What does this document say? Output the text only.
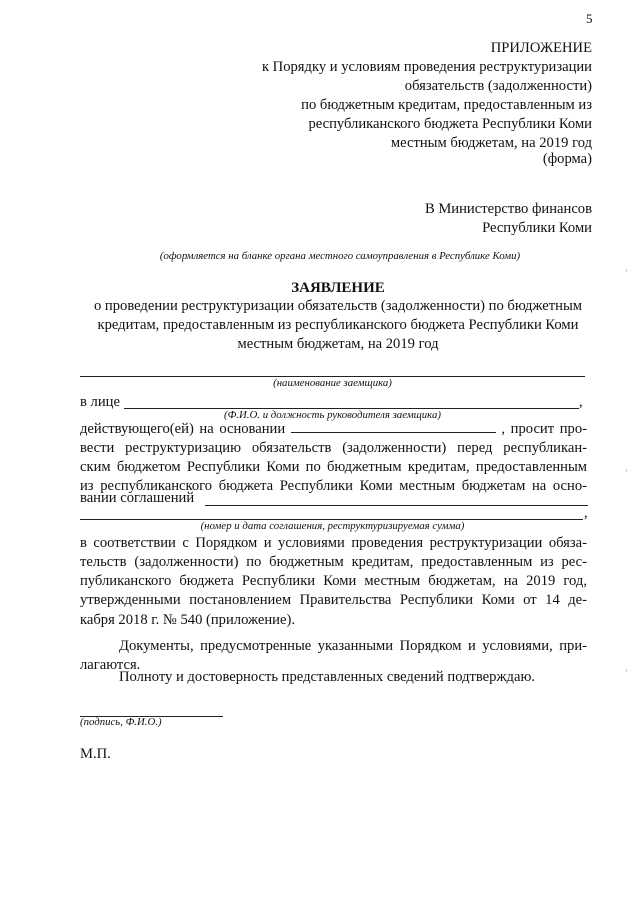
5
ПРИЛОЖЕНИЕ
к Порядку и условиям проведения реструктуризации
обязательств (задолженности)
по бюджетным кредитам, предоставленным из
республиканского бюджета Республики Коми
местным бюджетам, на 2019 год
(форма)
В Министерство финансов
Республики Коми
(оформляется на бланке органа местного самоуправления в Республике Коми)
ЗАЯВЛЕНИЕ
о проведении реструктуризации обязательств (задолженности) по бюджетным
кредитам, предоставленным из республиканского бюджета Республики Коми
местным бюджетам, на 2019 год
(наименование заемщика)
в лице	,
(Ф.И.О. и должность руководителя заемщика)
действующего(ей) на основании	, просит про-
вести реструктуризацию обязательств (задолженности) перед республикан-
ским бюджетом Республики Коми по бюджетным кредитам, предоставленным
из республиканского бюджета Республики Коми местным бюджетам на осно-
вании соглашений
,
(номер и дата соглашения, реструктуризируемая сумма)
в соответствии с Порядком и условиями проведения реструктуризации обяза-
тельств (задолженности) по бюджетным кредитам, предоставленным из рес-
публиканского бюджета Республики Коми местным бюджетам, на 2019 год,
утвержденными постановлением Правительства Республики Коми от 14 де-
кабря 2018 г. № 540 (приложение).
Документы, предусмотренные указанными Порядком и условиями, при-
лагаются.
Полноту и достоверность представленных сведений подтверждаю.
(подпись, Ф.И.О.)
М.П.
'
'
'
